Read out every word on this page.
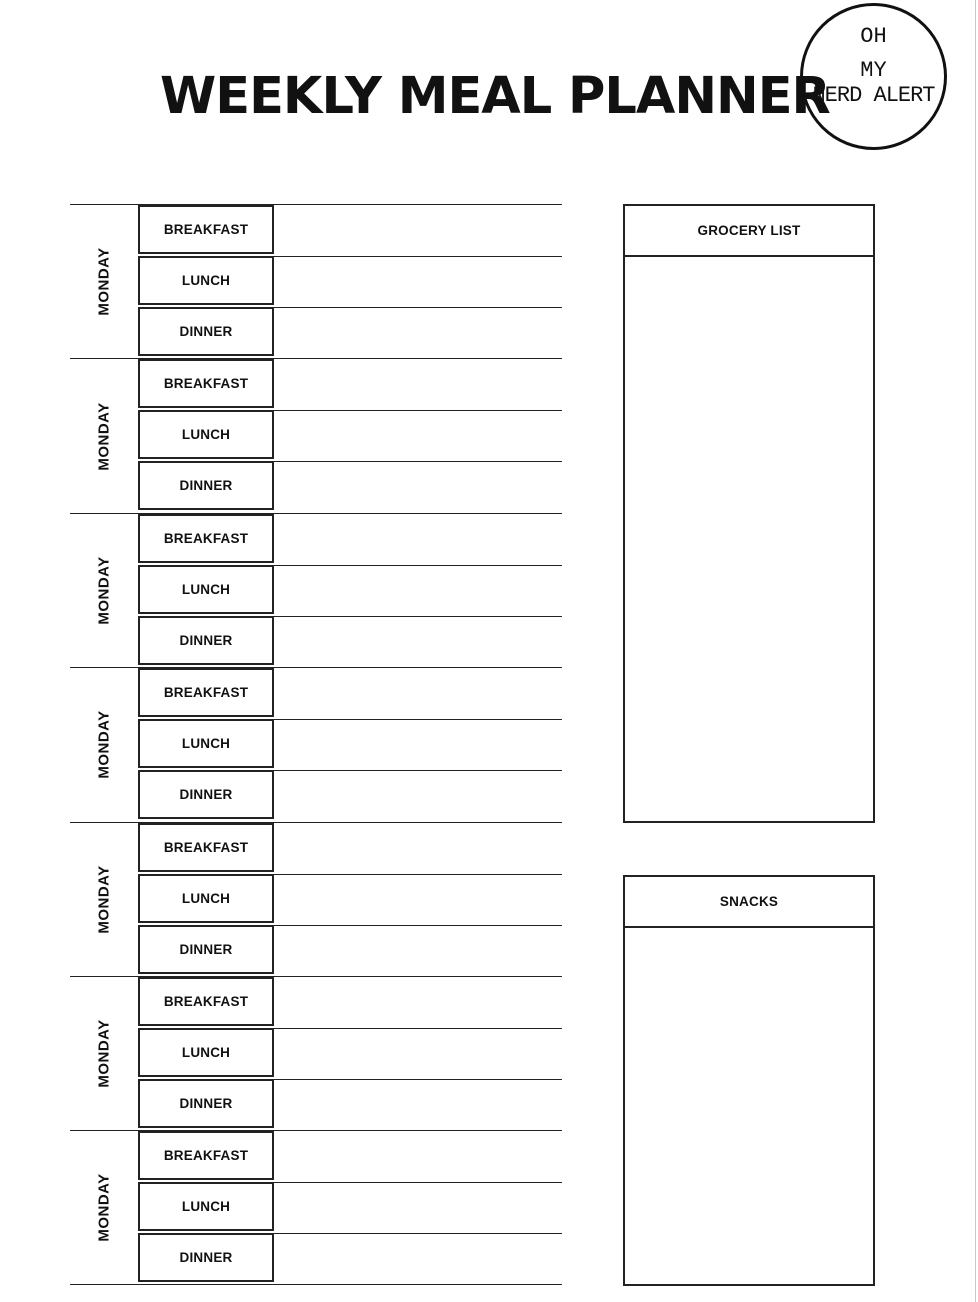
WEEKLY MEAL PLANNER
OH
MY
NERD ALERT
MONDAY
BREAKFAST
LUNCH
DINNER
MONDAY
BREAKFAST
LUNCH
DINNER
MONDAY
BREAKFAST
LUNCH
DINNER
MONDAY
BREAKFAST
LUNCH
DINNER
MONDAY
BREAKFAST
LUNCH
DINNER
MONDAY
BREAKFAST
LUNCH
DINNER
MONDAY
BREAKFAST
LUNCH
DINNER
GROCERY LIST
SNACKS
